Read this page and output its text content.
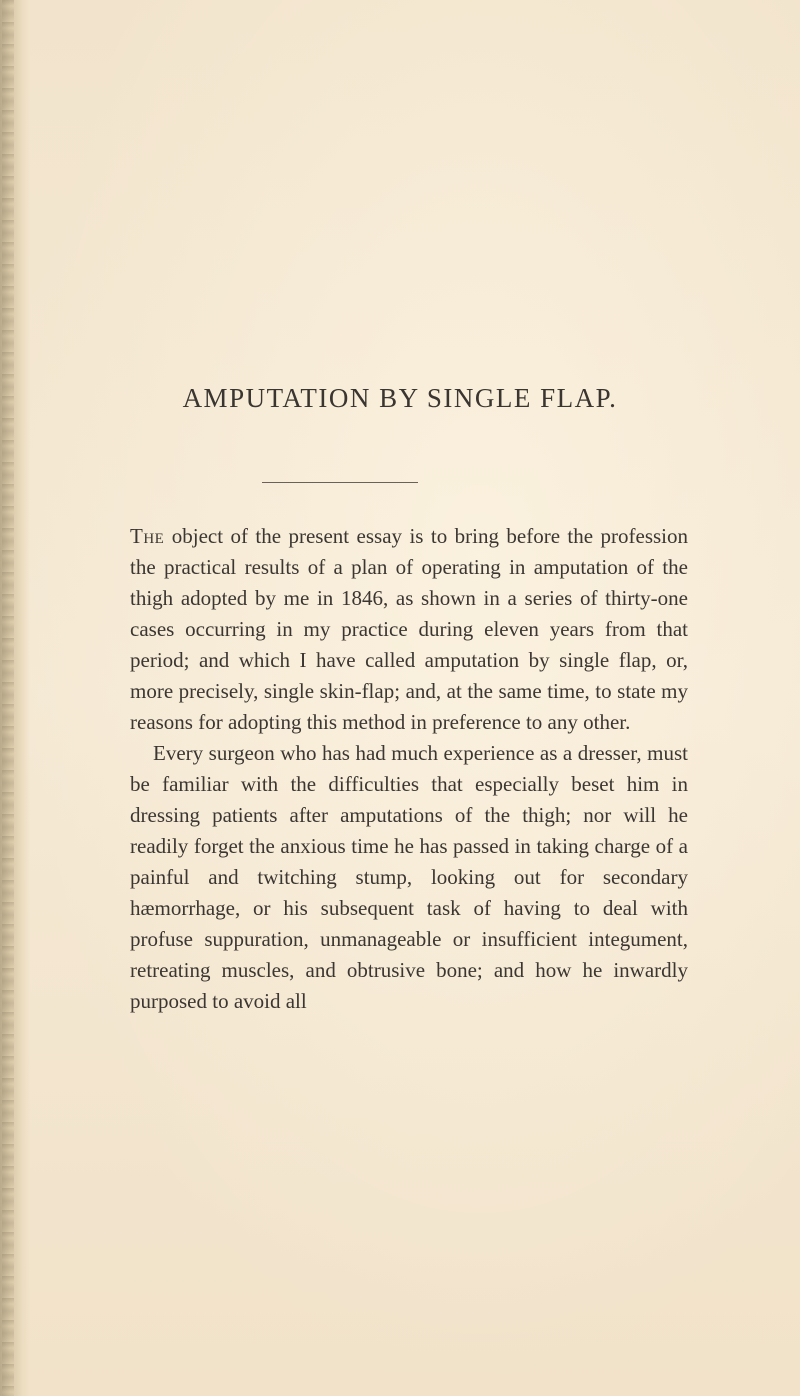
AMPUTATION BY SINGLE FLAP.

The object of the present essay is to bring before the profession the practical results of a plan of operating in amputation of the thigh adopted by me in 1846, as shown in a series of thirty-one cases occurring in my practice during eleven years from that period; and which I have called amputation by single flap, or, more precisely, single skin-flap; and, at the same time, to state my reasons for adopting this method in preference to any other.

Every surgeon who has had much experience as a dresser, must be familiar with the difficulties that especially beset him in dressing patients after amputations of the thigh; nor will he readily forget the anxious time he has passed in taking charge of a painful and twitching stump, looking out for secondary hæmorrhage, or his subsequent task of having to deal with profuse suppuration, unmanageable or insufficient integument, retreating muscles, and obtrusive bone; and how he inwardly purposed to avoid all
